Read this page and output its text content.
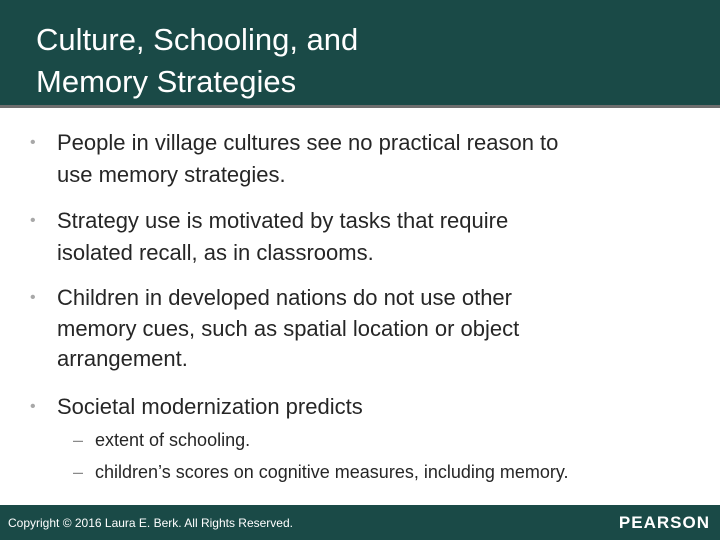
Culture, Schooling, and
Memory Strategies
• People in village cultures see no practical reason to
use memory strategies.
• Strategy use is motivated by tasks that require
isolated recall, as in classrooms.
• Children in developed nations do not use other
memory cues, such as spatial location or object
arrangement.
• Societal modernization predicts
– extent of schooling.
– children’s scores on cognitive measures, including memory.
Copyright © 2016 Laura E. Berk. All Rights Reserved.	PEARSON
